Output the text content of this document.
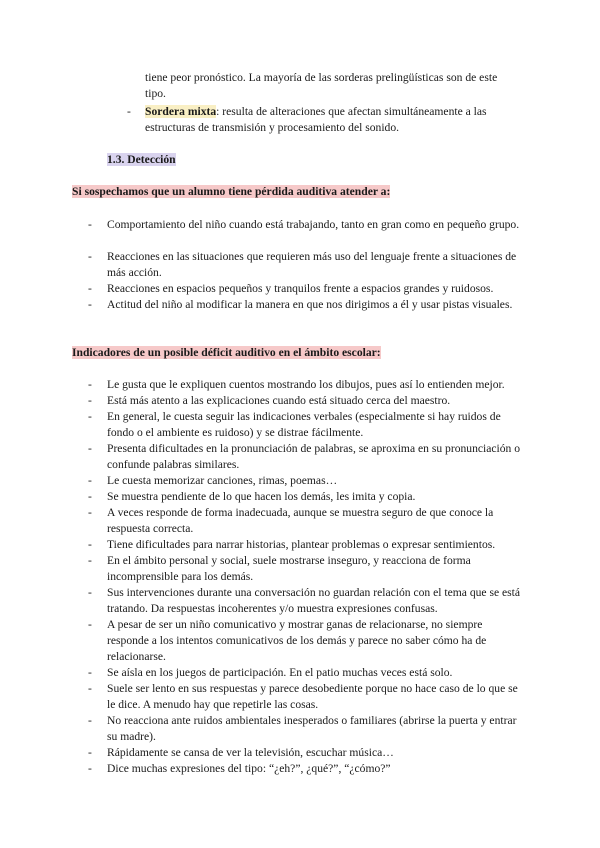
tiene peor pronóstico. La mayoría de las sorderas prelingüísticas son de este
tipo.
- Sordera mixta: resulta de alteraciones que afectan simultáneamente a las
estructuras de transmisión y procesamiento del sonido.
1.3. Detección
Si sospechamos que un alumno tiene pérdida auditiva atender a:
- Comportamiento del niño cuando está trabajando, tanto en gran como en pequeño grupo.
- Reacciones en las situaciones que requieren más uso del lenguaje frente a situaciones de más acción.
- Reacciones en espacios pequeños y tranquilos frente a espacios grandes y ruidosos.
- Actitud del niño al modificar la manera en que nos dirigimos a él y usar pistas visuales.
Indicadores de un posible déficit auditivo en el ámbito escolar:
- Le gusta que le expliquen cuentos mostrando los dibujos, pues así lo entienden mejor.
- Está más atento a las explicaciones cuando está situado cerca del maestro.
- En general, le cuesta seguir las indicaciones verbales (especialmente si hay ruidos de fondo o el ambiente es ruidoso) y se distrae fácilmente.
- Presenta dificultades en la pronunciación de palabras, se aproxima en su pronunciación o confunde palabras similares.
- Le cuesta memorizar canciones, rimas, poemas…
- Se muestra pendiente de lo que hacen los demás, les imita y copia.
- A veces responde de forma inadecuada, aunque se muestra seguro de que conoce la respuesta correcta.
- Tiene dificultades para narrar historias, plantear problemas o expresar sentimientos.
- En el ámbito personal y social, suele mostrarse inseguro, y reacciona de forma incomprensible para los demás.
- Sus intervenciones durante una conversación no guardan relación con el tema que se está tratando. Da respuestas incoherentes y/o muestra expresiones confusas.
- A pesar de ser un niño comunicativo y mostrar ganas de relacionarse, no siempre responde a los intentos comunicativos de los demás y parece no saber cómo ha de relacionarse.
- Se aísla en los juegos de participación. En el patio muchas veces está solo.
- Suele ser lento en sus respuestas y parece desobediente porque no hace caso de lo que se le dice. A menudo hay que repetirle las cosas.
- No reacciona ante ruidos ambientales inesperados o familiares (abrirse la puerta y entrar su madre).
- Rápidamente se cansa de ver la televisión, escuchar música…
- Dice muchas expresiones del tipo: “¿eh?”, ¿qué?”, “¿cómo?”
